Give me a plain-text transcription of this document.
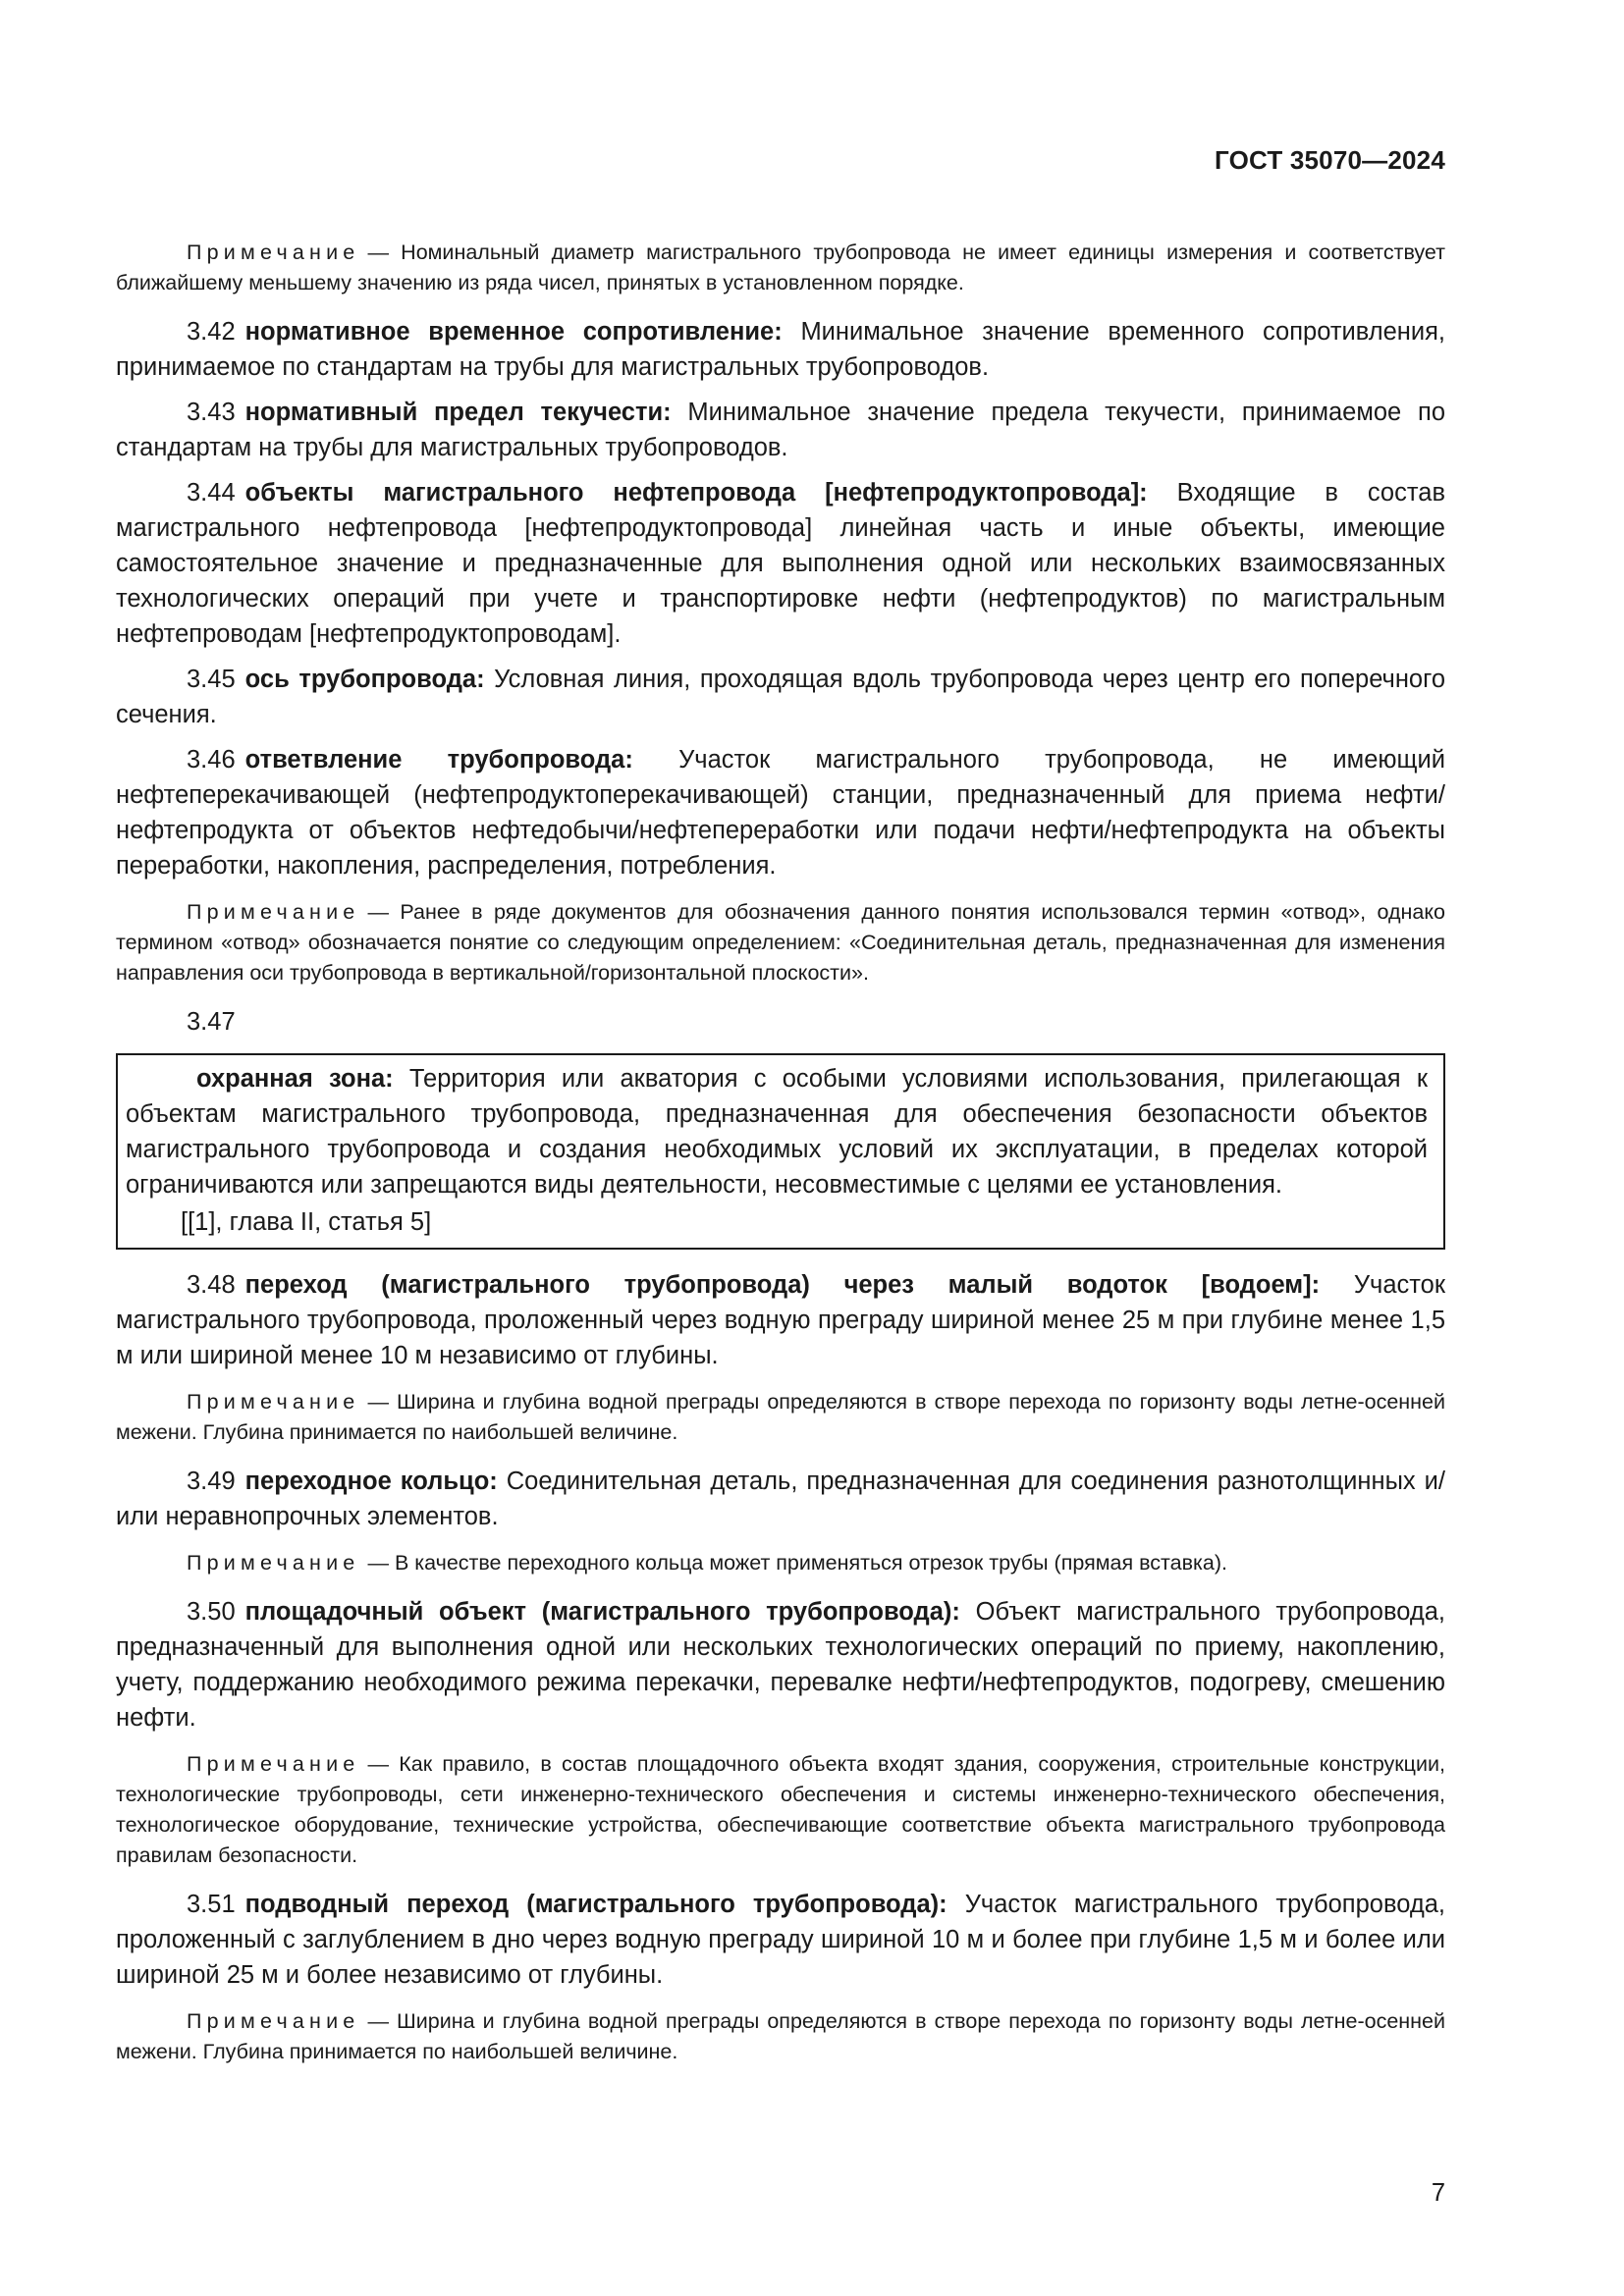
ГОСТ 35070—2024

Примечание — Номинальный диаметр магистрального трубопровода не имеет единицы измерения и соответствует ближайшему меньшему значению из ряда чисел, принятых в установленном порядке.

3.42 нормативное временное сопротивление: Минимальное значение временного сопротивления, принимаемое по стандартам на трубы для магистральных трубопроводов.

3.43 нормативный предел текучести: Минимальное значение предела текучести, принимаемое по стандартам на трубы для магистральных трубопроводов.

3.44 объекты магистрального нефтепровода [нефтепродуктопровода]: Входящие в состав магистрального нефтепровода [нефтепродуктопровода] линейная часть и иные объекты, имеющие самостоятельное значение и предназначенные для выполнения одной или нескольких взаимосвязанных технологических операций при учете и транспортировке нефти (нефтепродуктов) по магистральным нефтепроводам [нефтепродуктопроводам].

3.45 ось трубопровода: Условная линия, проходящая вдоль трубопровода через центр его поперечного сечения.

3.46 ответвление трубопровода: Участок магистрального трубопровода, не имеющий нефтеперекачивающей (нефтепродуктоперекачивающей) станции, предназначенный для приема нефти/нефтепродукта от объектов нефтедобычи/нефтепереработки или подачи нефти/нефтепродукта на объекты переработки, накопления, распределения, потребления.

Примечание — Ранее в ряде документов для обозначения данного понятия использовался термин «отвод», однако термином «отвод» обозначается понятие со следующим определением: «Соединительная деталь, предназначенная для изменения направления оси трубопровода в вертикальной/горизонтальной плоскости».

3.47

охранная зона: Территория или акватория с особыми условиями использования, прилегающая к объектам магистрального трубопровода, предназначенная для обеспечения безопасности объектов магистрального трубопровода и создания необходимых условий их эксплуатации, в пределах которой ограничиваются или запрещаются виды деятельности, несовместимые с целями ее установления.

[[1], глава II, статья 5]

3.48 переход (магистрального трубопровода) через малый водоток [водоем]: Участок магистрального трубопровода, проложенный через водную преграду шириной менее 25 м при глубине менее 1,5 м или шириной менее 10 м независимо от глубины.

Примечание — Ширина и глубина водной преграды определяются в створе перехода по горизонту воды летне-осенней межени. Глубина принимается по наибольшей величине.

3.49 переходное кольцо: Соединительная деталь, предназначенная для соединения разнотолщинных и/или неравнопрочных элементов.

Примечание — В качестве переходного кольца может применяться отрезок трубы (прямая вставка).

3.50 площадочный объект (магистрального трубопровода): Объект магистрального трубопровода, предназначенный для выполнения одной или нескольких технологических операций по приему, накоплению, учету, поддержанию необходимого режима перекачки, перевалке нефти/нефтепродуктов, подогреву, смешению нефти.

Примечание — Как правило, в состав площадочного объекта входят здания, сооружения, строительные конструкции, технологические трубопроводы, сети инженерно-технического обеспечения и системы инженерно-технического обеспечения, технологическое оборудование, технические устройства, обеспечивающие соответствие объекта магистрального трубопровода правилам безопасности.

3.51 подводный переход (магистрального трубопровода): Участок магистрального трубопровода, проложенный с заглублением в дно через водную преграду шириной 10 м и более при глубине 1,5 м и более или шириной 25 м и более независимо от глубины.

Примечание — Ширина и глубина водной преграды определяются в створе перехода по горизонту воды летне-осенней межени. Глубина принимается по наибольшей величине.

7
